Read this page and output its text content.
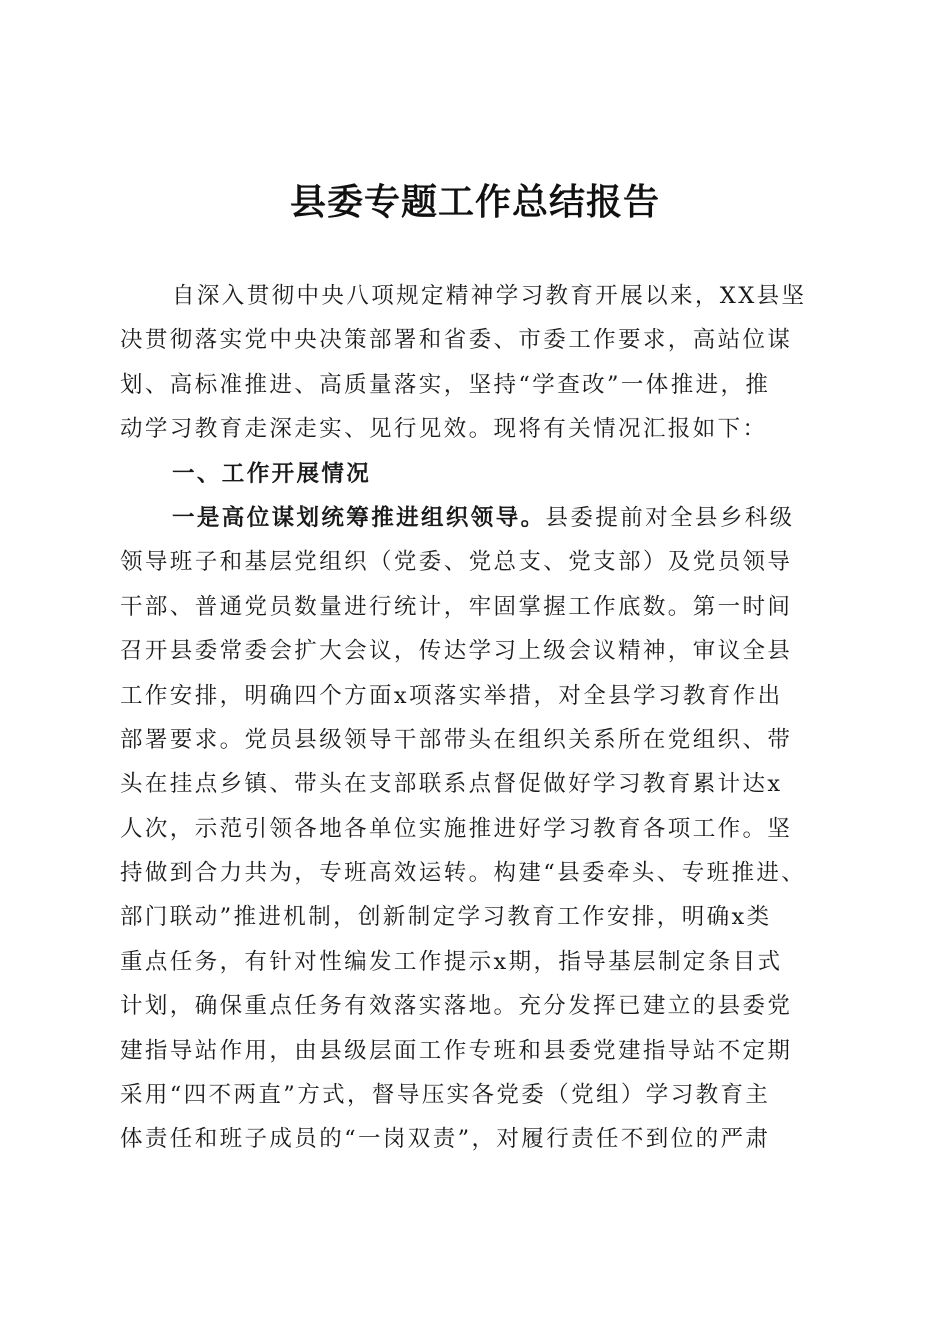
县委专题工作总结报告
自深入贯彻中央八项规定精神学习教育开展以来，XX县坚
决贯彻落实党中央决策部署和省委、市委工作要求，高站位谋
划、高标准推进、高质量落实，坚持“学查改”一体推进，推
动学习教育走深走实、见行见效。现将有关情况汇报如下：
一、工作开展情况
一是高位谋划统筹推进组织领导。县委提前对全县乡科级
领导班子和基层党组织（党委、党总支、党支部）及党员领导
干部、普通党员数量进行统计，牢固掌握工作底数。第一时间
召开县委常委会扩大会议，传达学习上级会议精神，审议全县
工作安排，明确四个方面x项落实举措，对全县学习教育作出
部署要求。党员县级领导干部带头在组织关系所在党组织、带
头在挂点乡镇、带头在支部联系点督促做好学习教育累计达x
人次，示范引领各地各单位实施推进好学习教育各项工作。坚
持做到合力共为，专班高效运转。构建“县委牵头、专班推进、
部门联动”推进机制，创新制定学习教育工作安排，明确x类
重点任务，有针对性编发工作提示x期，指导基层制定条目式
计划，确保重点任务有效落实落地。充分发挥已建立的县委党
建指导站作用，由县级层面工作专班和县委党建指导站不定期
采用“四不两直”方式，督导压实各党委（党组）学习教育主
体责任和班子成员的“一岗双责”，对履行责任不到位的严肃
